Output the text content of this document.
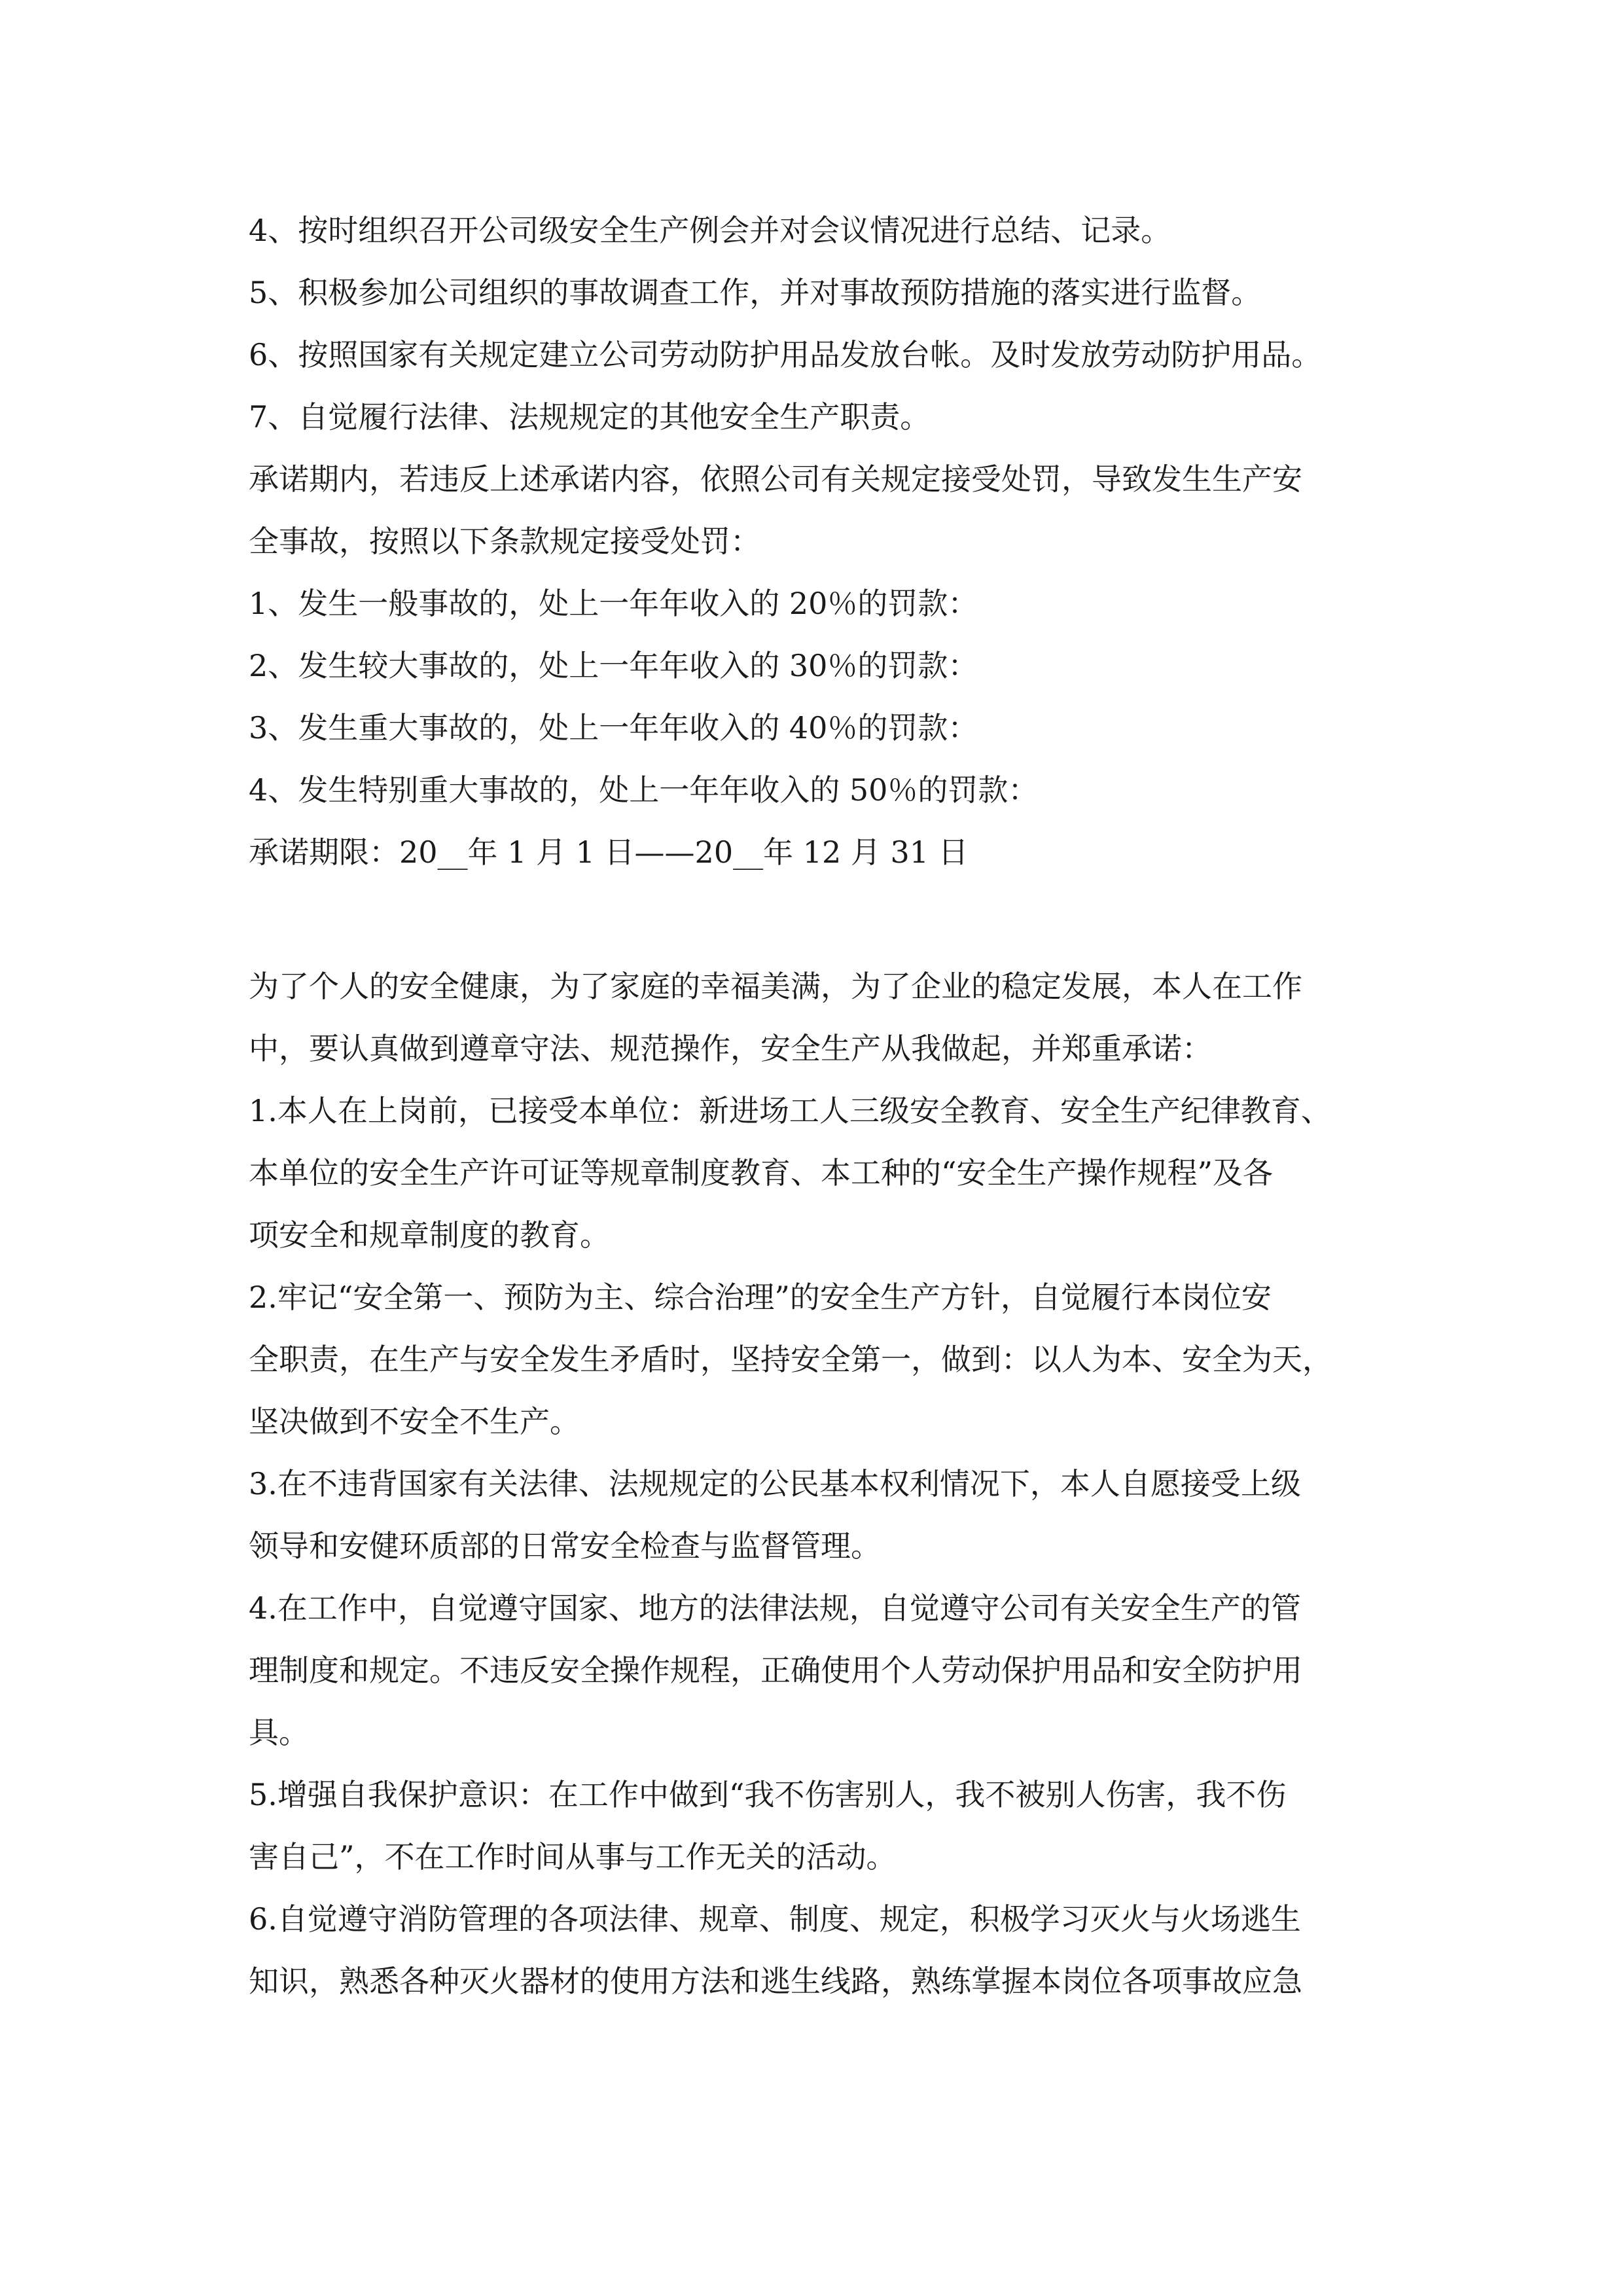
4、按时组织召开公司级安全生产例会并对会议情况进行总结、记录。
5、积极参加公司组织的事故调查工作，并对事故预防措施的落实进行监督。
6、按照国家有关规定建立公司劳动防护用品发放台帐。及时发放劳动防护用品。
7、自觉履行法律、法规规定的其他安全生产职责。
承诺期内，若违反上述承诺内容，依照公司有关规定接受处罚，导致发生生产安
全事故，按照以下条款规定接受处罚：
1、发生一般事故的，处上一年年收入的 20％的罚款：
2、发生较大事故的，处上一年年收入的 30％的罚款：
3、发生重大事故的，处上一年年收入的 40％的罚款：
4、发生特别重大事故的，处上一年年收入的 50％的罚款：
承诺期限：20__年 1 月 1 日——20__年 12 月 31 日
为了个人的安全健康，为了家庭的幸福美满，为了企业的稳定发展，本人在工作
中，要认真做到遵章守法、规范操作，安全生产从我做起，并郑重承诺：
1.本人在上岗前，已接受本单位：新进场工人三级安全教育、安全生产纪律教育、
本单位的安全生产许可证等规章制度教育、本工种的“安全生产操作规程”及各
项安全和规章制度的教育。
2.牢记“安全第一、预防为主、综合治理”的安全生产方针，自觉履行本岗位安
全职责，在生产与安全发生矛盾时，坚持安全第一，做到：以人为本、安全为天，
坚决做到不安全不生产。
3.在不违背国家有关法律、法规规定的公民基本权利情况下，本人自愿接受上级
领导和安健环质部的日常安全检查与监督管理。
4.在工作中，自觉遵守国家、地方的法律法规，自觉遵守公司有关安全生产的管
理制度和规定。不违反安全操作规程，正确使用个人劳动保护用品和安全防护用
具。
5.增强自我保护意识：在工作中做到“我不伤害别人，我不被别人伤害，我不伤
害自己”，不在工作时间从事与工作无关的活动。
6.自觉遵守消防管理的各项法律、规章、制度、规定，积极学习灭火与火场逃生
知识，熟悉各种灭火器材的使用方法和逃生线路，熟练掌握本岗位各项事故应急
